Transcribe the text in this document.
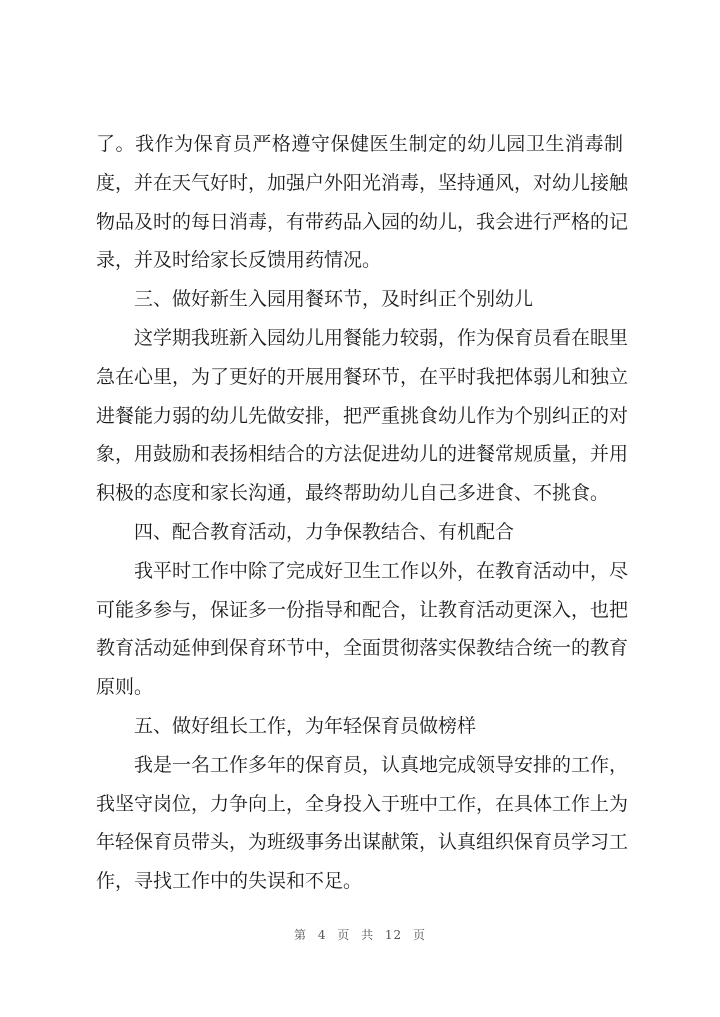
了。我作为保育员严格遵守保健医生制定的幼儿园卫生消毒制
度，并在天气好时，加强户外阳光消毒，坚持通风，对幼儿接触
物品及时的每日消毒，有带药品入园的幼儿，我会进行严格的记
录，并及时给家长反馈用药情况。
三、做好新生入园用餐环节，及时纠正个别幼儿
这学期我班新入园幼儿用餐能力较弱，作为保育员看在眼里
急在心里，为了更好的开展用餐环节，在平时我把体弱儿和独立
进餐能力弱的幼儿先做安排，把严重挑食幼儿作为个别纠正的对
象，用鼓励和表扬相结合的方法促进幼儿的进餐常规质量，并用
积极的态度和家长沟通，最终帮助幼儿自己多进食、不挑食。
四、配合教育活动，力争保教结合、有机配合
我平时工作中除了完成好卫生工作以外，在教育活动中，尽
可能多参与，保证多一份指导和配合，让教育活动更深入，也把
教育活动延伸到保育环节中，全面贯彻落实保教结合统一的教育
原则。
五、做好组长工作，为年轻保育员做榜样
我是一名工作多年的保育员，认真地完成领导安排的工作，
我坚守岗位，力争向上，全身投入于班中工作，在具体工作上为
年轻保育员带头，为班级事务出谋献策，认真组织保育员学习工
作，寻找工作中的失误和不足。
第 4 页 共 12 页
